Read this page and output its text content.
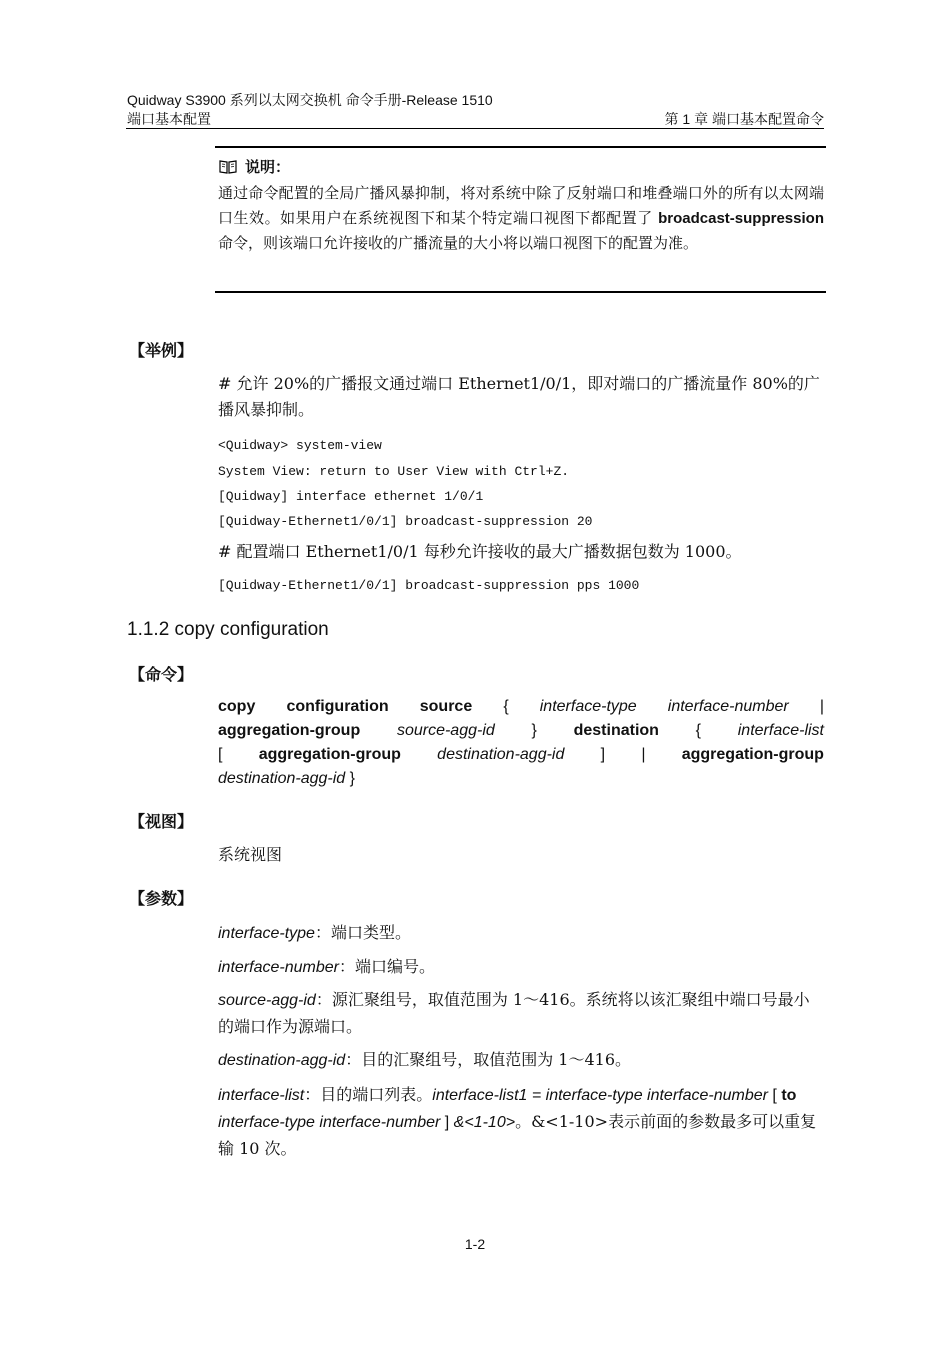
Quidway S3900 系列以太网交换机 命令手册-Release 1510
端口基本配置	第 1 章 端口基本配置命令
说明：
通过命令配置的全局广播风暴抑制，将对系统中除了反射端口和堆叠端口外的所有以太网端口生效。如果用户在系统视图下和某个特定端口视图下都配置了 broadcast-suppression 命令，则该端口允许接收的广播流量的大小将以端口视图下的配置为准。
【举例】
# 允许 20%的广播报文通过端口 Ethernet1/0/1，即对端口的广播流量作 80%的广播风暴抑制。
<Quidway> system-view
System View: return to User View with Ctrl+Z.
[Quidway] interface ethernet 1/0/1
[Quidway-Ethernet1/0/1] broadcast-suppression 20
# 配置端口 Ethernet1/0/1 每秒允许接收的最大广播数据包数为 1000。
[Quidway-Ethernet1/0/1] broadcast-suppression pps 1000
1.1.2 copy configuration
【命令】
copy configuration source { interface-type interface-number |
aggregation-group source-agg-id } destination { interface-list
[ aggregation-group destination-agg-id ] | aggregation-group
destination-agg-id }
【视图】
系统视图
【参数】
interface-type：端口类型。
interface-number：端口编号。
source-agg-id：源汇聚组号，取值范围为 1～416。系统将以该汇聚组中端口号最小的端口作为源端口。
destination-agg-id：目的汇聚组号，取值范围为 1～416。
interface-list：目的端口列表。interface-list1 = interface-type interface-number [ to interface-type interface-number ] &<1-10>。&<1-10>表示前面的参数最多可以重复输 10 次。
1-2
